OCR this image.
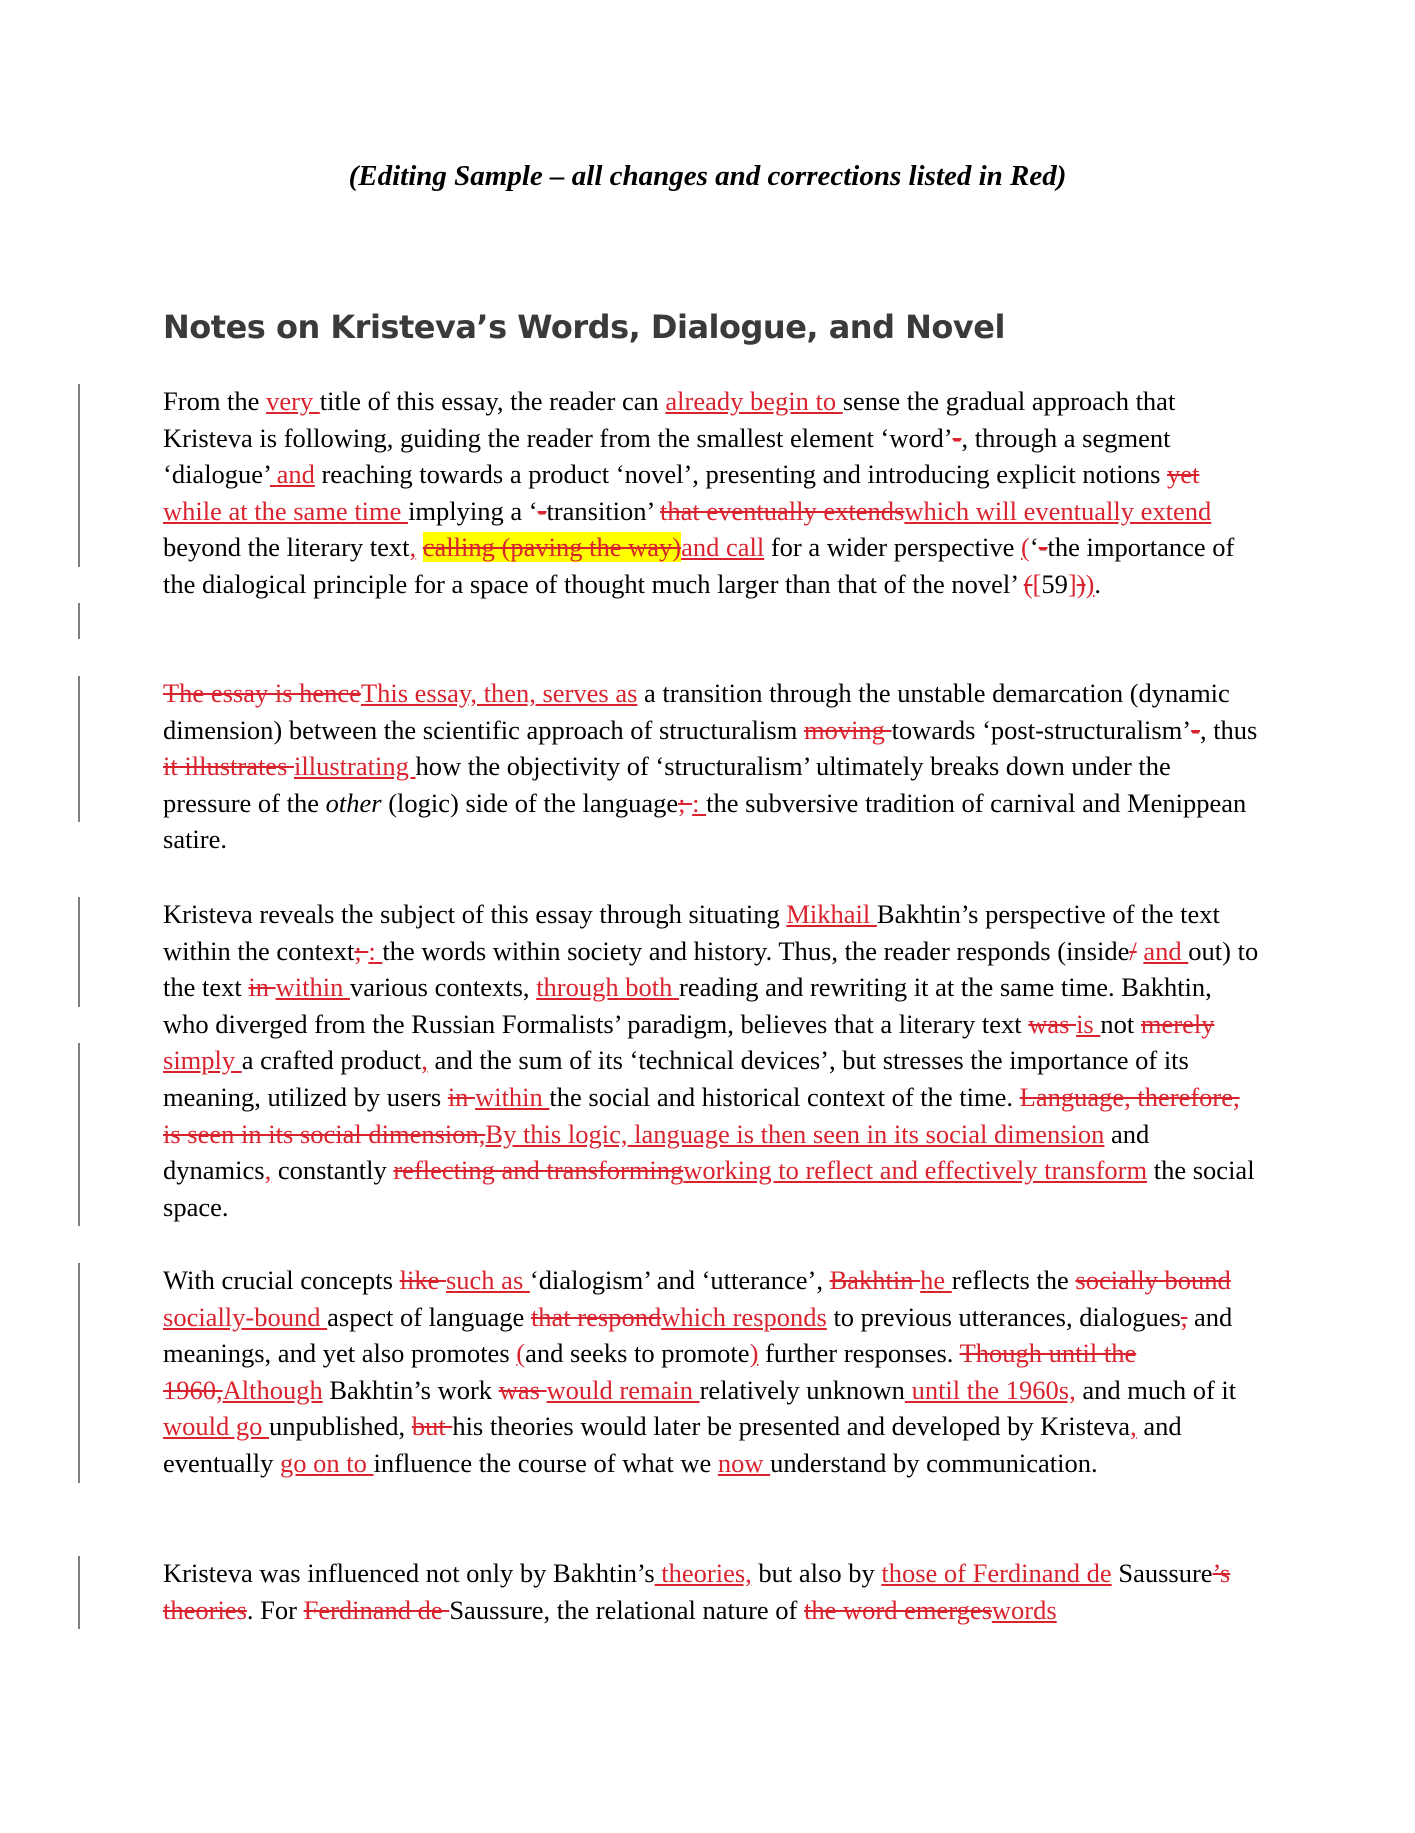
(Editing Sample – all changes and corrections listed in Red)
Notes on Kristeva’s Words, Dialogue, and Novel
From the very title of this essay, the reader can already begin to sense the gradual approach that Kristeva is following, guiding the reader from the smallest element ‘word’-, through a segment ‘dialogue’ and reaching towards a product ‘novel’, presenting and introducing explicit notions yet while at the same time implying a ‘-transition’ that eventually extendswhich will eventually extend beyond the literary text, calling (paving the way)and call for a wider perspective (‘-the importance of the dialogical principle for a space of thought much larger than that of the novel’ ([59])).
The essay is henceThis essay, then, serves as a transition through the unstable demarcation (dynamic dimension) between the scientific approach of structuralism moving towards ‘post-structuralism’-, thus it illustrates illustrating how the objectivity of ‘structuralism’ ultimately breaks down under the pressure of the other (logic) side of the language; : the subversive tradition of carnival and Menippean satire.
Kristeva reveals the subject of this essay through situating Mikhail Bakhtin’s perspective of the text within the context; : the words within society and history. Thus, the reader responds (inside/ and out) to the text in within various contexts, through both reading and rewriting it at the same time. Bakhtin, who diverged from the Russian Formalists’ paradigm, believes that a literary text was is not merely simply a crafted product, and the sum of its ‘technical devices’, but stresses the importance of its meaning, utilized by users in within the social and historical context of the time. Language, therefore, is seen in its social dimension,By this logic, language is then seen in its social dimension and dynamics, constantly reflecting and transformingworking to reflect and effectively transform the social space.
With crucial concepts like such as ‘dialogism’ and ‘utterance’, Bakhtin he reflects the socially bound socially-bound aspect of language that respondwhich responds to previous utterances, dialogues, and meanings, and yet also promotes (and seeks to promote) further responses. Though until the 1960,Although Bakhtin’s work was would remain relatively unknown until the 1960s, and much of it would go unpublished, but his theories would later be presented and developed by Kristeva, and eventually go on to influence the course of what we now understand by communication.
Kristeva was influenced not only by Bakhtin’s theories, but also by those of Ferdinand de Saussure’s theories. For Ferdinand de Saussure, the relational nature of the word emergeswords
